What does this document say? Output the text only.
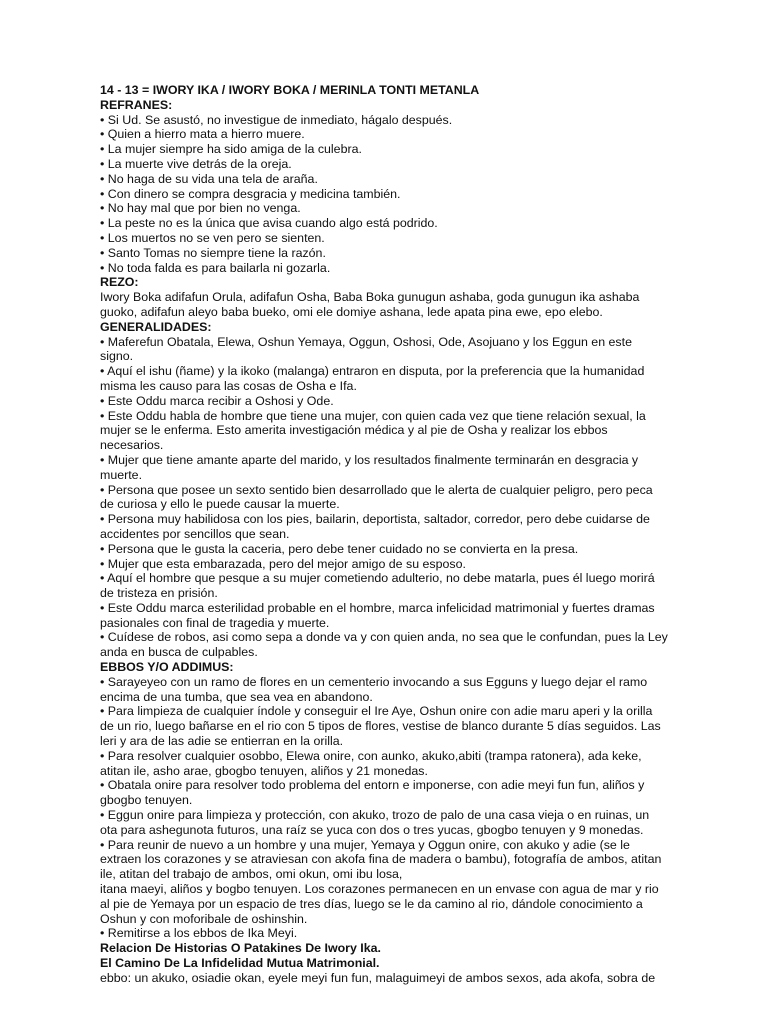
14 - 13 = IWORY IKA / IWORY BOKA / MERINLA TONTI METANLA
REFRANES:
• Si Ud. Se asustó, no investigue de inmediato, hágalo después.
• Quien a hierro mata a hierro muere.
• La mujer siempre ha sido amiga de la culebra.
• La muerte vive detrás de la oreja.
• No haga de su vida una tela de araña.
• Con dinero se compra desgracia y medicina también.
• No hay mal que por bien no venga.
• La peste no es la única que avisa cuando algo está podrido.
• Los muertos no se ven pero se sienten.
• Santo Tomas no siempre tiene la razón.
• No toda falda es para bailarla ni gozarla.
REZO:
Iwory Boka adifafun Orula, adifafun Osha, Baba Boka gunugun ashaba, goda gunugun ika ashaba guoko, adifafun aleyo baba bueko, omi ele domiye ashana, lede apata pina ewe, epo elebo.
GENERALIDADES:
• Maferefun Obatala, Elewa, Oshun Yemaya, Oggun, Oshosi, Ode, Asojuano y los Eggun en este signo.
• Aquí el ishu (ñame) y la ikoko (malanga) entraron en disputa, por la preferencia que la humanidad misma les causo para las cosas de Osha e Ifa.
• Este Oddu marca recibir a Oshosi y Ode.
• Este Oddu habla de hombre que tiene una mujer, con quien cada vez que tiene relación sexual, la mujer se le enferma. Esto amerita investigación médica y al pie de Osha y realizar los ebbos necesarios.
• Mujer que tiene amante aparte del marido, y los resultados finalmente terminarán en desgracia y muerte.
• Persona que posee un sexto sentido bien desarrollado que le alerta de cualquier peligro, pero peca de curiosa y ello le puede causar la muerte.
• Persona muy habilidosa con los pies, bailarin, deportista, saltador, corredor, pero debe cuidarse de accidentes por sencillos que sean.
• Persona que le gusta la caceria, pero debe tener cuidado no se convierta en la presa.
• Mujer que esta embarazada, pero del mejor amigo de su esposo.
• Aquí el hombre que pesque a su mujer cometiendo adulterio, no debe matarla, pues él luego morirá de tristeza en prisión.
• Este Oddu marca esterilidad probable en el hombre, marca infelicidad matrimonial y fuertes dramas pasionales con final de tragedia y muerte.
• Cuídese de robos, asi como sepa a donde va y con quien anda, no sea que le confundan, pues la Ley anda en busca de culpables.
EBBOS Y/O ADDIMUS:
• Sarayeyeo con un ramo de flores en un cementerio invocando a sus Egguns y luego dejar el ramo encima de una tumba, que sea vea en abandono.
• Para limpieza de cualquier índole y conseguir el Ire Aye, Oshun onire con adie maru aperi y la orilla de un rio, luego bañarse en el rio con 5 tipos de flores, vestise de blanco durante 5 días seguidos. Las leri y ara de las adie se entierran en la orilla.
• Para resolver cualquier osobbo, Elewa onire, con aunko, akuko,abiti (trampa ratonera), ada keke, atitan ile, asho arae, gbogbo tenuyen, aliños y 21 monedas.
• Obatala onire para resolver todo problema del entorn e imponerse, con adie meyi fun fun, aliños y gbogbo tenuyen.
• Eggun onire para limpieza y protección, con akuko, trozo de palo de una casa vieja o en ruinas, un ota para ashegunota futuros, una raíz se yuca con dos o tres yucas, gbogbo tenuyen y 9 monedas.
• Para reunir de nuevo a un hombre y una mujer, Yemaya y Oggun onire, con akuko y adie (se le extraen los corazones y se atraviesan con akofa fina de madera o bambu), fotografía de ambos, atitan ile, atitan del trabajo de ambos, omi okun, omi ibu losa,
itana maeyi, aliños y bogbo tenuyen. Los corazones permanecen en un envase con agua de mar y rio al pie de Yemaya por un espacio de tres días, luego se le da camino al rio, dándole conocimiento a Oshun y con moforibale de oshinshin.
• Remitirse a los ebbos de Ika Meyi.
Relacion De Historias O Patakines De Iwory Ika.
El Camino De La Infidelidad Mutua Matrimonial.
ebbo: un akuko, osiadie okan, eyele meyi fun fun, malaguimeyi de ambos sexos, ada akofa, sobra de
